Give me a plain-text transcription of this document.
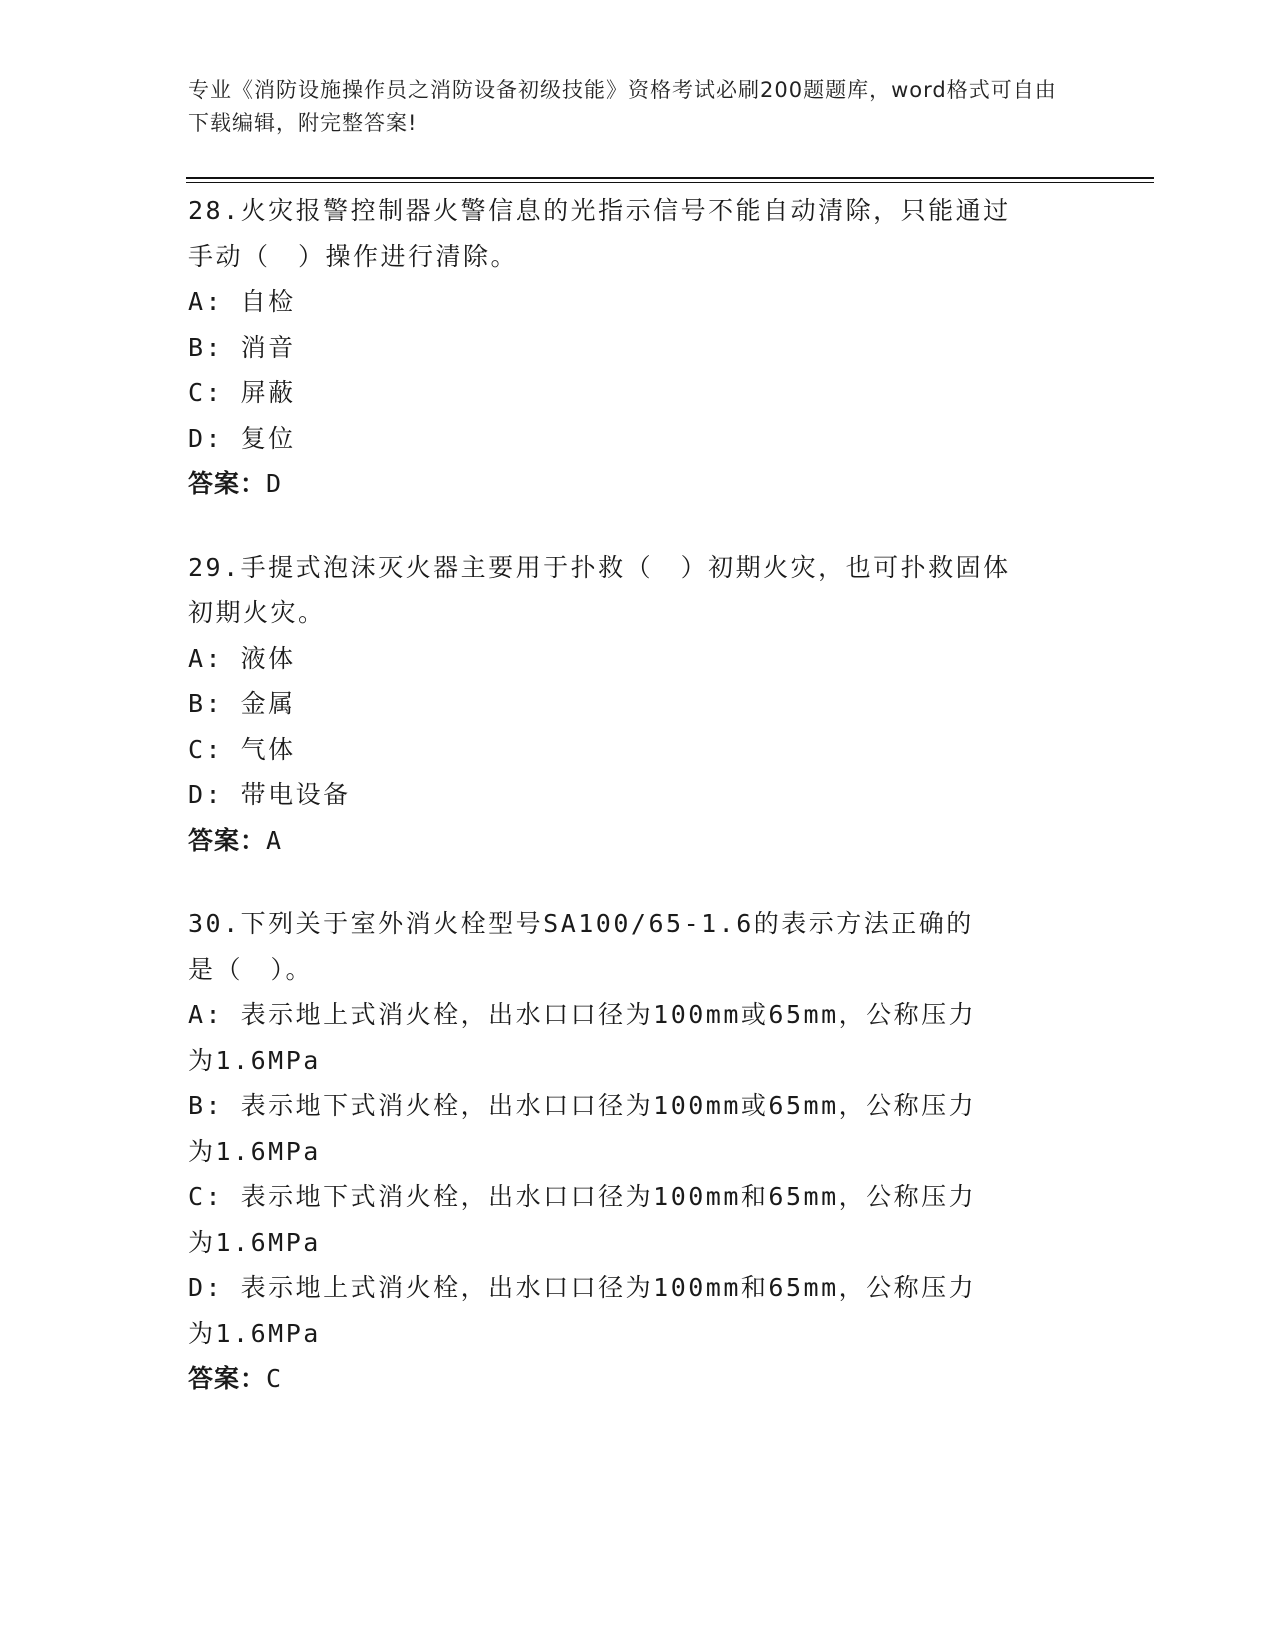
专业《消防设施操作员之消防设备初级技能》资格考试必刷200题题库，word格式可自由下载编辑，附完整答案!

28.火灾报警控制器火警信息的光指示信号不能自动清除，只能通过手动（　）操作进行清除。

A: 自检

B: 消音

C: 屏蔽

D: 复位

答案：D

29.手提式泡沫灭火器主要用于扑救（　）初期火灾，也可扑救固体初期火灾。

A: 液体

B: 金属

C: 气体

D: 带电设备

答案：A

30.下列关于室外消火栓型号SA100/65-1.6的表示方法正确的是（　）。

A: 表示地上式消火栓，出水口口径为100mm或65mm，公称压力为1.6MPa

B: 表示地下式消火栓，出水口口径为100mm或65mm，公称压力为1.6MPa

C: 表示地下式消火栓，出水口口径为100mm和65mm，公称压力为1.6MPa

D: 表示地上式消火栓，出水口口径为100mm和65mm，公称压力为1.6MPa

答案：C
